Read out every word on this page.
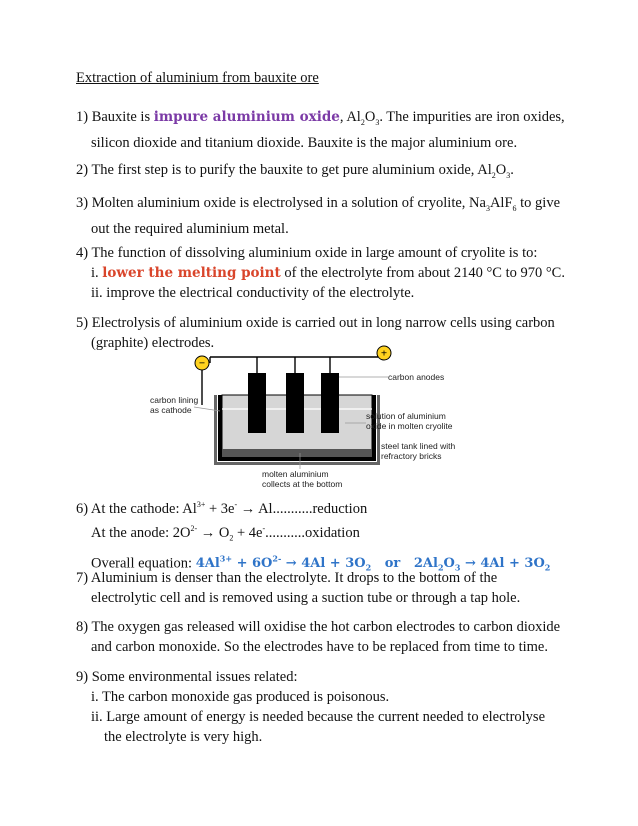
Extraction of aluminium from bauxite ore
1) Bauxite is impure aluminium oxide, $Al_2O_3$. The impurities are iron oxides,
silicon dioxide and titanium dioxide. Bauxite is the major aluminium ore.
2) The first step is to purify the bauxite to get pure aluminium oxide, $Al_2O_3$.
3) Molten aluminium oxide is electrolysed in a solution of cryolite, $Na_3AlF_6$ to give
out the required aluminium metal.
4) The function of dissolving aluminium oxide in large amount of cryolite is to:
i. lower the melting point of the electrolyte from about 2140 °C to 970 °C.
ii. improve the electrical conductivity of the electrolyte.
5) Electrolysis of aluminium oxide is carried out in long narrow cells using carbon
(graphite) electrodes.
−
+
carbon anodes
carbon lining
as cathode
solution of aluminium
oxide in molten cryolite
steel tank lined with
refractory bricks
molten aluminium
collects at the bottom
6) At the cathode: $Al^{3+} + 3e^-$ → Al...........reduction
At the anode: $2O^{2-} \to O_2$ + 4e-...........oxidation
Overall equation: $4Al^{3+} + 6O^{2-} \to 4Al + 3O_2$   or   $2Al_2O_3 \to 4Al + 3O_2$
7) Aluminium is denser than the electrolyte. It drops to the bottom of the
electrolytic cell and is removed using a suction tube or through a tap hole.
8) The oxygen gas released will oxidise the hot carbon electrodes to carbon dioxide
and carbon monoxide. So the electrodes have to be replaced from time to time.
9) Some environmental issues related:
i. The carbon monoxide gas produced is poisonous.
ii. Large amount of energy is needed because the current needed to electrolyse
the electrolyte is very high.
